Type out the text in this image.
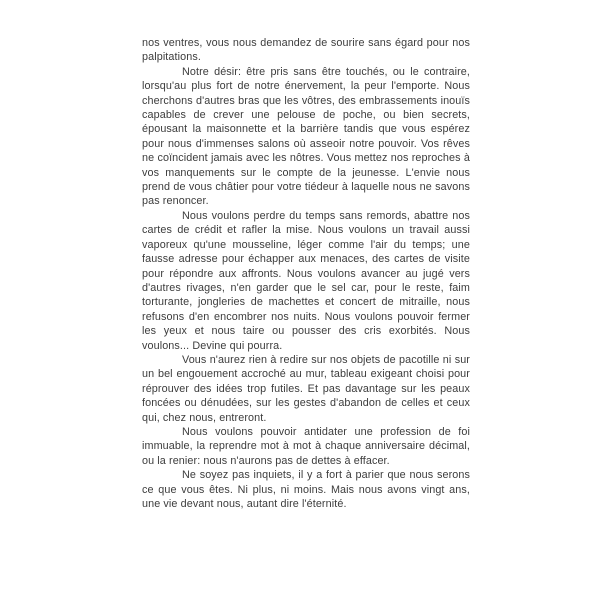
nos ventres, vous nous demandez de sourire sans égard pour nos palpitations.

Notre désir: être pris sans être touchés, ou le contraire, lorsqu'au plus fort de notre énervement, la peur l'emporte. Nous cherchons d'autres bras que les vôtres, des embrassements inouïs capables de crever une pelouse de poche, ou bien secrets, épousant la maisonnette et la barrière tandis que vous espérez pour nous d'immenses salons où asseoir notre pouvoir. Vos rêves ne coïncident jamais avec les nôtres. Vous mettez nos reproches à vos manquements sur le compte de la jeunesse. L'envie nous prend de vous châtier pour votre tiédeur à laquelle nous ne savons pas renoncer.

Nous voulons perdre du temps sans remords, abattre nos cartes de crédit et rafler la mise. Nous voulons un travail aussi vaporeux qu'une mousseline, léger comme l'air du temps; une fausse adresse pour échapper aux menaces, des cartes de visite pour répondre aux affronts. Nous voulons avancer au jugé vers d'autres rivages, n'en garder que le sel car, pour le reste, faim torturante, jongleries de machettes et concert de mitraille, nous refusons d'en encombrer nos nuits. Nous voulons pouvoir fermer les yeux et nous taire ou pousser des cris exorbités. Nous voulons... Devine qui pourra.

Vous n'aurez rien à redire sur nos objets de pacotille ni sur un bel engouement accroché au mur, tableau exigeant choisi pour réprouver des idées trop futiles. Et pas davantage sur les peaux foncées ou dénudées, sur les gestes d'abandon de celles et ceux qui, chez nous, entreront.

Nous voulons pouvoir antidater une profession de foi immuable, la reprendre mot à mot à chaque anniversaire décimal, ou la renier: nous n'aurons pas de dettes à effacer.

Ne soyez pas inquiets, il y a fort à parier que nous serons ce que vous êtes. Ni plus, ni moins. Mais nous avons vingt ans, une vie devant nous, autant dire l'éternité.
